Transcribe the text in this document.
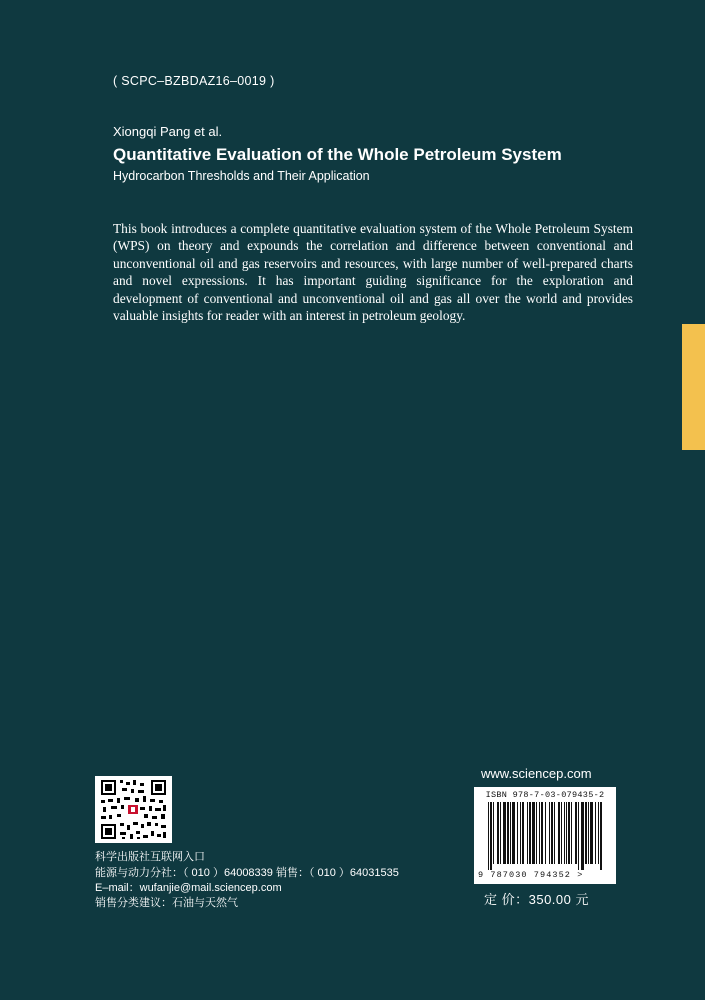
( SCPC–BZBDAZ16–0019 )
Xiongqi Pang et al.
Quantitative Evaluation of the Whole Petroleum System
Hydrocarbon Thresholds and Their Application

This book introduces a complete quantitative evaluation system of the Whole Petroleum System (WPS) on theory and expounds the correlation and difference between conventional and unconventional oil and gas reservoirs and resources, with large number of well-prepared charts and novel expressions. It has important guiding significance for the exploration and development of conventional and unconventional oil and gas all over the world and provides valuable insights for reader with an interest in petroleum geology.

科学出版社互联网入口
能源与动力分社：（ 010 ）64008339 销售：（ 010 ）64031535
E–mail：wufanjie@mail.sciencep.com
销售分类建议：石油与天然气
www.sciencep.com
ISBN 978-7-03-079435-2
9 787030 794352 >
定 价：350.00 元
